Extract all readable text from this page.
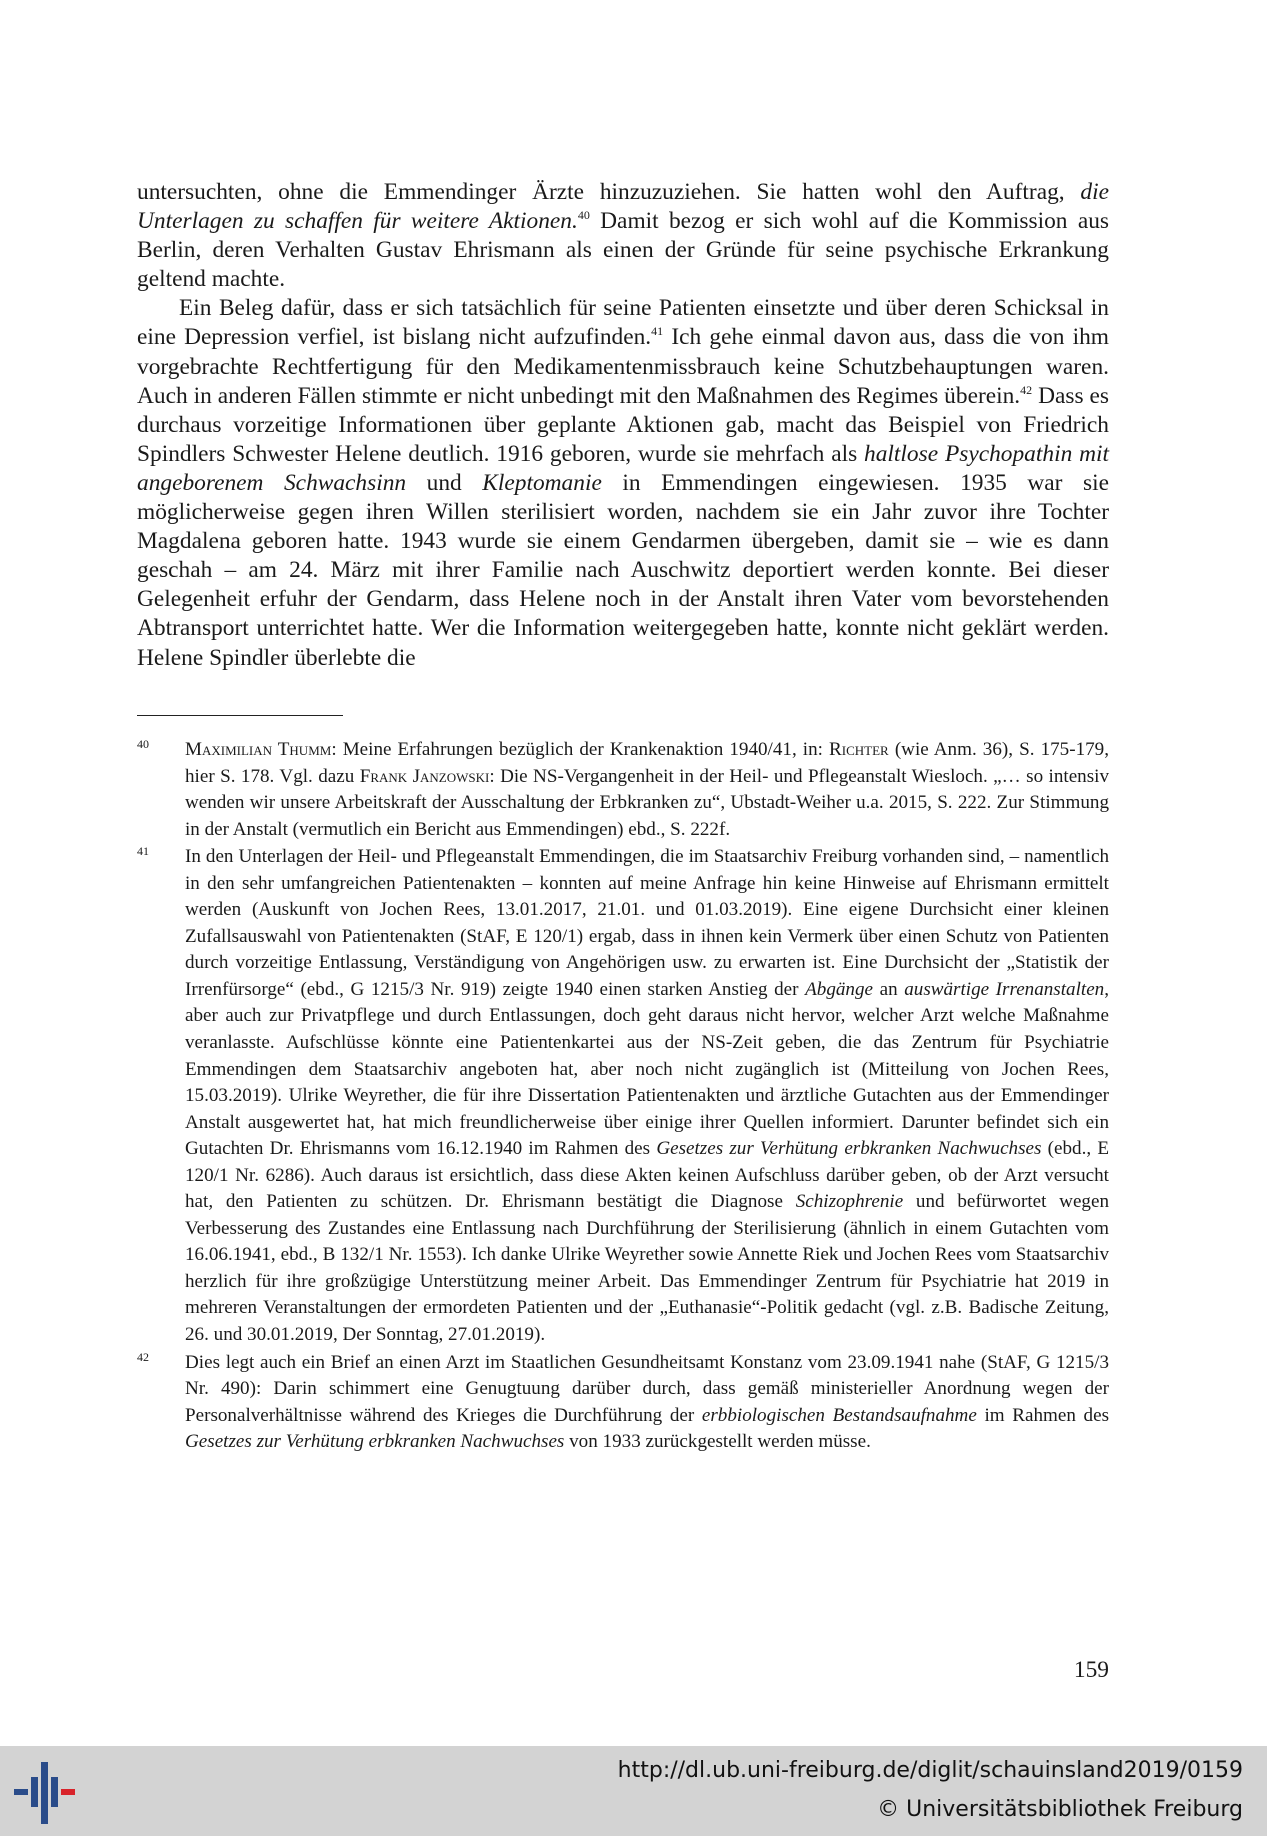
untersuchten, ohne die Emmendinger Ärzte hinzuzuziehen. Sie hatten wohl den Auftrag, die Unterlagen zu schaffen für weitere Aktionen.$^{40}$ Damit bezog er sich wohl auf die Kommission aus Berlin, deren Verhalten Gustav Ehrismann als einen der Gründe für seine psychische Erkrankung geltend machte.

Ein Beleg dafür, dass er sich tatsächlich für seine Patienten einsetzte und über deren Schicksal in eine Depression verfiel, ist bislang nicht aufzufinden.$^{41}$ Ich gehe einmal davon aus, dass die von ihm vorgebrachte Rechtfertigung für den Medikamentenmissbrauch keine Schutzbehauptungen waren. Auch in anderen Fällen stimmte er nicht unbedingt mit den Maßnahmen des Regimes überein.$^{42}$ Dass es durchaus vorzeitige Informationen über geplante Aktionen gab, macht das Beispiel von Friedrich Spindlers Schwester Helene deutlich. 1916 geboren, wurde sie mehrfach als haltlose Psychopathin mit angeborenem Schwachsinn und Kleptomanie in Emmendingen eingewiesen. 1935 war sie möglicherweise gegen ihren Willen sterilisiert worden, nachdem sie ein Jahr zuvor ihre Tochter Magdalena geboren hatte. 1943 wurde sie einem Gendarmen übergeben, damit sie – wie es dann geschah – am 24. März mit ihrer Familie nach Auschwitz deportiert werden konnte. Bei dieser Gelegenheit erfuhr der Gendarm, dass Helene noch in der Anstalt ihren Vater vom bevorstehenden Abtransport unterrichtet hatte. Wer die Information weitergegeben hatte, konnte nicht geklärt werden. Helene Spindler überlebte die

40 Maximilian Thumm: Meine Erfahrungen bezüglich der Krankenaktion 1940/41, in: Richter (wie Anm. 36), S. 175-179, hier S. 178. Vgl. dazu Frank Janzowski: Die NS-Vergangenheit in der Heil- und Pflegeanstalt Wiesloch. „… so intensiv wenden wir unsere Arbeitskraft der Ausschaltung der Erbkranken zu“, Ubstadt-Weiher u.a. 2015, S. 222. Zur Stimmung in der Anstalt (vermutlich ein Bericht aus Emmendingen) ebd., S. 222f.
41 In den Unterlagen der Heil- und Pflegeanstalt Emmendingen, die im Staatsarchiv Freiburg vorhanden sind, – namentlich in den sehr umfangreichen Patientenakten – konnten auf meine Anfrage hin keine Hinweise auf Ehrismann ermittelt werden (Auskunft von Jochen Rees, 13.01.2017, 21.01. und 01.03.2019). Eine eigene Durchsicht einer kleinen Zufallsauswahl von Patientenakten (StAF, E 120/1) ergab, dass in ihnen kein Vermerk über einen Schutz von Patienten durch vorzeitige Entlassung, Verständigung von Angehörigen usw. zu erwarten ist. Eine Durchsicht der „Statistik der Irrenfürsorge“ (ebd., G 1215/3 Nr. 919) zeigte 1940 einen starken Anstieg der Abgänge an auswärtige Irrenanstalten, aber auch zur Privatpflege und durch Entlassungen, doch geht daraus nicht hervor, welcher Arzt welche Maßnahme veranlasste. Aufschlüsse könnte eine Patientenkartei aus der NS-Zeit geben, die das Zentrum für Psychiatrie Emmendingen dem Staatsarchiv angeboten hat, aber noch nicht zugänglich ist (Mitteilung von Jochen Rees, 15.03.2019). Ulrike Weyrether, die für ihre Dissertation Patientenakten und ärztliche Gutachten aus der Emmendinger Anstalt ausgewertet hat, hat mich freundlicherweise über einige ihrer Quellen informiert. Darunter befindet sich ein Gutachten Dr. Ehrismanns vom 16.12.1940 im Rahmen des Gesetzes zur Verhütung erbkranken Nachwuchses (ebd., E 120/1 Nr. 6286). Auch daraus ist ersichtlich, dass diese Akten keinen Aufschluss darüber geben, ob der Arzt versucht hat, den Patienten zu schützen. Dr. Ehrismann bestätigt die Diagnose Schizophrenie und befürwortet wegen Verbesserung des Zustandes eine Entlassung nach Durchführung der Sterilisierung (ähnlich in einem Gutachten vom 16.06.1941, ebd., B 132/1 Nr. 1553). Ich danke Ulrike Weyrether sowie Annette Riek und Jochen Rees vom Staatsarchiv herzlich für ihre großzügige Unterstützung meiner Arbeit. Das Emmendinger Zentrum für Psychiatrie hat 2019 in mehreren Veranstaltungen der ermordeten Patienten und der „Euthanasie“-Politik gedacht (vgl. z.B. Badische Zeitung, 26. und 30.01.2019, Der Sonntag, 27.01.2019).
42 Dies legt auch ein Brief an einen Arzt im Staatlichen Gesundheitsamt Konstanz vom 23.09.1941 nahe (StAF, G 1215/3 Nr. 490): Darin schimmert eine Genugtuung darüber durch, dass gemäß ministerieller Anordnung wegen der Personalverhältnisse während des Krieges die Durchführung der erbbiologischen Bestandsaufnahme im Rahmen des Gesetzes zur Verhütung erbkranken Nachwuchses von 1933 zurückgestellt werden müsse.
159
http://dl.ub.uni-freiburg.de/diglit/schauinsland2019/0159
© Universitätsbibliothek Freiburg
